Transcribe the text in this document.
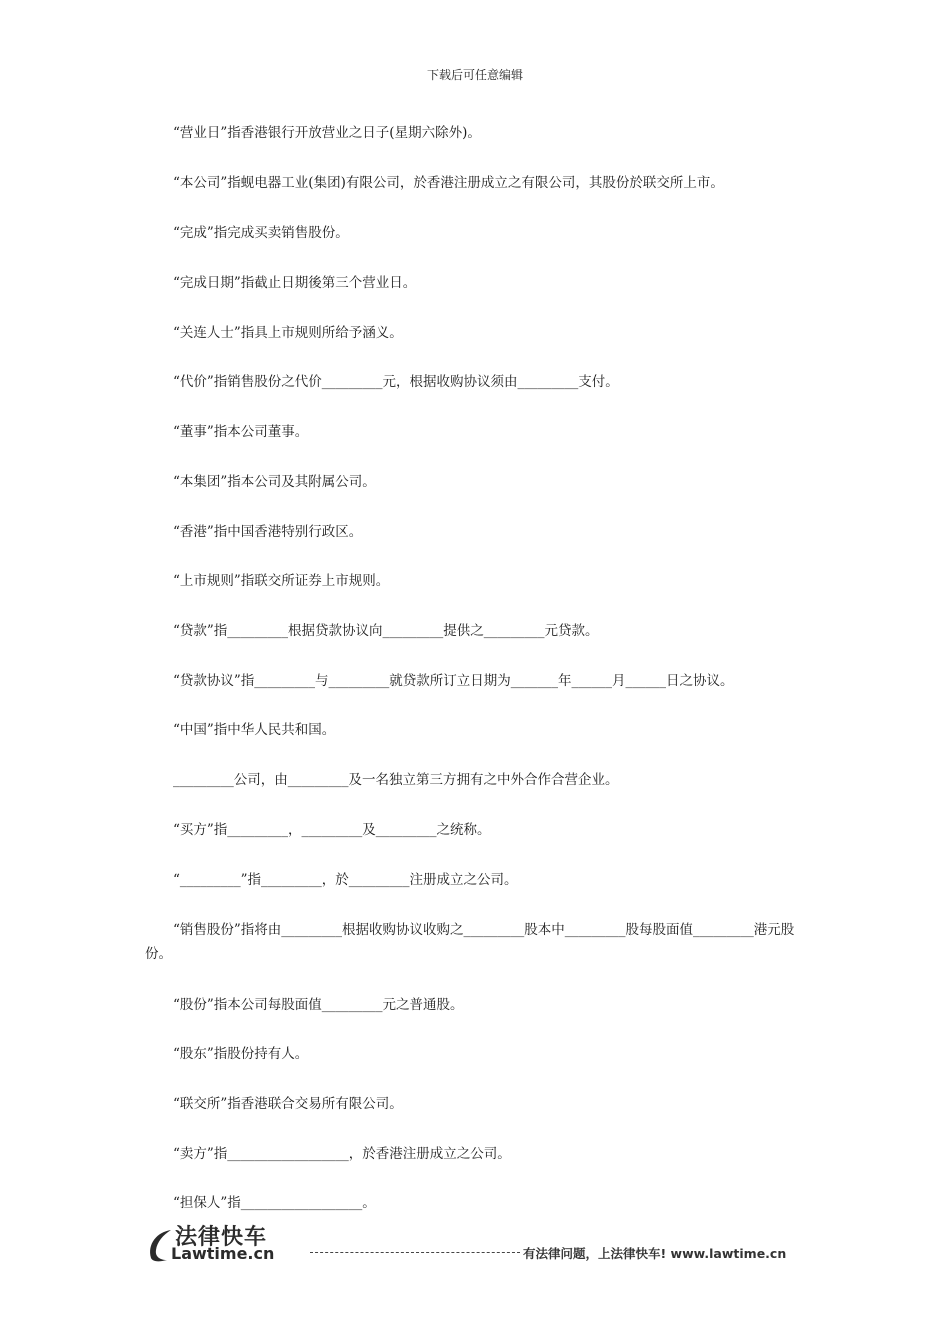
下载后可任意编辑

“营业日”指香港银行开放营业之日子(星期六除外)。

“本公司”指蚬电器工业(集团)有限公司，於香港注册成立之有限公司，其股份於联交所上市。

“完成”指完成买卖销售股份。

“完成日期”指截止日期後第三个营业日。

“关连人士”指具上市规则所给予涵义。

“代价”指销售股份之代价_________元，根据收购协议须由_________支付。

“董事”指本公司董事。

“本集团”指本公司及其附属公司。

“香港”指中国香港特别行政区。

“上市规则”指联交所证券上市规则。

“贷款”指_________根据贷款协议向_________提供之_________元贷款。

“贷款协议”指_________与_________就贷款所订立日期为_______年______月______日之协议。

“中国”指中华人民共和国。

_________公司，由_________及一名独立第三方拥有之中外合作合营企业。

“买方”指_________，_________及_________之统称。

“_________”指_________，於_________注册成立之公司。

“销售股份”指将由_________根据收购协议收购之_________股本中_________股每股面值_________港元股份。

“股份”指本公司每股面值_________元之普通股。

“股东”指股份持有人。

“联交所”指香港联合交易所有限公司。

“卖方”指__________________，於香港注册成立之公司。

“担保人”指__________________。

法律快车
Lawtime.cn	有法律问题，上法律快车! www.lawtime.cn
